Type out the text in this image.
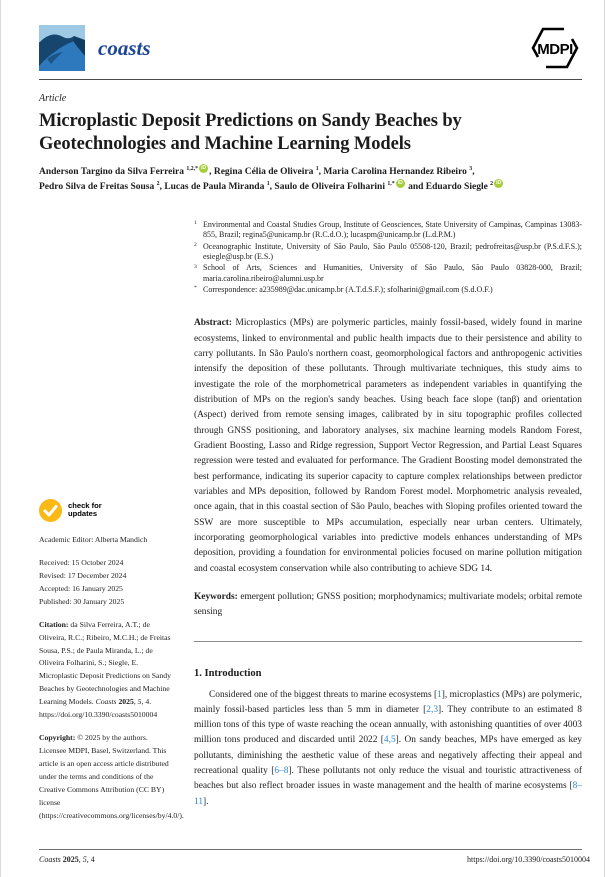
coasts	MDPI
Article
Microplastic Deposit Predictions on Sandy Beaches by Geotechnologies and Machine Learning Models
Anderson Targino da Silva Ferreira $^{1,2,*}$ iD , Regina Célia de Oliveira $^1$, Maria Carolina Hernandez Ribeiro $^3$,
Pedro Silva de Freitas Sousa $^2$, Lucas de Paula Miranda $^1$, Saulo de Oliveira Folharini $^{1,*}$ iD and Eduardo Siegle $^2$ iD
check for
updates
Academic Editor: Alberta Mandich
Received: 15 October 2024
Revised: 17 December 2024
Accepted: 16 January 2025
Published: 30 January 2025
Citation: da Silva Ferreira, A.T.; de Oliveira, R.C.; Ribeiro, M.C.H.; de Freitas Sousa, P.S.; de Paula Miranda, L.; de Oliveira Folharini, S.; Siegle, E. Microplastic Deposit Predictions on Sandy Beaches by Geotechnologies and Machine Learning Models. Coasts 2025, 5, 4. https://doi.org/10.3390/coasts5010004
Copyright: © 2025 by the authors. Licensee MDPI, Basel, Switzerland. This article is an open access article distributed under the terms and conditions of the Creative Commons Attribution (CC BY) license (https://creativecommons.org/licenses/by/4.0/).
1 Environmental and Coastal Studies Group, Institute of Geosciences, State University of Campinas, Campinas 13083-855, Brazil; regina5@unicamp.br (R.C.d.O.); lucaspm@unicamp.br (L.d.P.M.)
2 Oceanographic Institute, University of São Paulo, São Paulo 05508-120, Brazil; pedrofreitas@usp.br (P.S.d.F.S.); esiegle@usp.br (E.S.)
3 School of Arts, Sciences and Humanities, University of São Paulo, São Paulo 03828-000, Brazil; maria.carolina.ribeiro@alumni.usp.br
* Correspondence: a235989@dac.unicamp.br (A.T.d.S.F.); sfolharini@gmail.com (S.d.O.F.)

Abstract: Microplastics (MPs) are polymeric particles, mainly fossil-based, widely found in marine ecosystems, linked to environmental and public health impacts due to their persistence and ability to carry pollutants. In São Paulo's northern coast, geomorphological factors and anthropogenic activities intensify the deposition of these pollutants. Through multivariate techniques, this study aims to investigate the role of the morphometrical parameters as independent variables in quantifying the distribution of MPs on the region's sandy beaches. Using beach face slope (tanβ) and orientation (Aspect) derived from remote sensing images, calibrated by in situ topographic profiles collected through GNSS positioning, and laboratory analyses, six machine learning models Random Forest, Gradient Boosting, Lasso and Ridge regression, Support Vector Regression, and Partial Least Squares regression were tested and evaluated for performance. The Gradient Boosting model demonstrated the best performance, indicating its superior capacity to capture complex relationships between predictor variables and MPs deposition, followed by Random Forest model. Morphometric analysis revealed, once again, that in this coastal section of São Paulo, beaches with Sloping profiles oriented toward the SSW are more susceptible to MPs accumulation, especially near urban centers. Ultimately, incorporating geomorphological variables into predictive models enhances understanding of MPs deposition, providing a foundation for environmental policies focused on marine pollution mitigation and coastal ecosystem conservation while also contributing to achieve SDG 14.

Keywords: emergent pollution; GNSS position; morphodynamics; multivariate models; orbital remote sensing

1. Introduction

Considered one of the biggest threats to marine ecosystems [1], microplastics (MPs) are polymeric, mainly fossil-based particles less than 5 mm in diameter [2,3]. They contribute to an estimated 8 million tons of this type of waste reaching the ocean annually, with astonishing quantities of over 4003 million tons produced and discarded until 2022 [4,5]. On sandy beaches, MPs have emerged as key pollutants, diminishing the aesthetic value of these areas and negatively affecting their appeal and recreational quality [6–8]. These pollutants not only reduce the visual and touristic attractiveness of beaches but also reflect broader issues in waste management and the health of marine ecosystems [8–11].

Coasts 2025, 5, 4	https://doi.org/10.3390/coasts5010004
